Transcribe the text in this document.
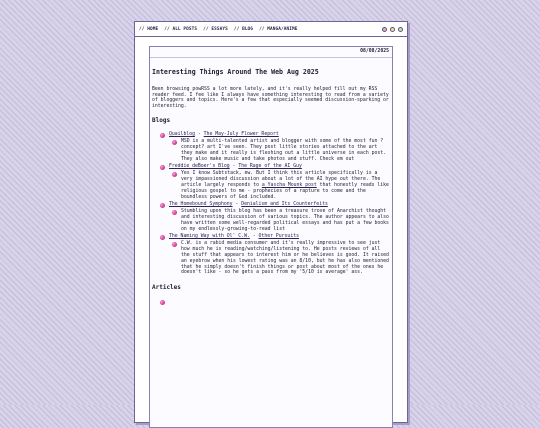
// HOME // ALL POSTS // ESSAYS // BLOG // MANGA/ANIME
08/08/2025
Interesting Things Around The Web Aug 2025
Been browsing powRSS a lot more lately, and it's really helped fill out my RSS reader feed. I fee like I always have something interesting to read from a variety of bloggers and topics. Here's a few that especially seemed discussion-sparking or interesting.
Blogs
Quailblog - The May-July Flower Report
MSD is a multi-talented artist and blogger with some of the most fun ?concept? art I've seen. They post little stories attached to the art they make and it really is fleshing out a little universe in each post. They also make music and take photos and stuff. Check em out
Freddie deBoer's Blog - The Rage of the AI Guy
Yes I know Subtstack, ew. But I think this article specifically is a very impassioned discussion about a lot of the AI hype out there. The article largely responds to a Yascha Mounk post that honestly reads like religious gospel to me - prophecies of a rapture to come and the boundless powers of God included.
The Homebound Symphony - Denialism and Its Counterfeits
Stumbling upon this blog has been a treasure trove of Anarchist thought and interesting discussion of various topics. The author appears to also have written some well-regarded political essays and has put a few books on my endlessly-growing-to-read list
The Naming Way with Ol' C.W. - Other Pursuits
C.W. is a rabid media consumer and it's really impressive to see just how much he is reading/watching/listening to. He posts reviews of all the stuff that appears to interest him or he believes is good. It raised an eyebrow when his lowest rating was an 8/10, but he has also mentioned that he simply doesn't finish things or post about most of the ones he doesn't like - so he gets a pass from my '5/10 is average' ass.
Articles
